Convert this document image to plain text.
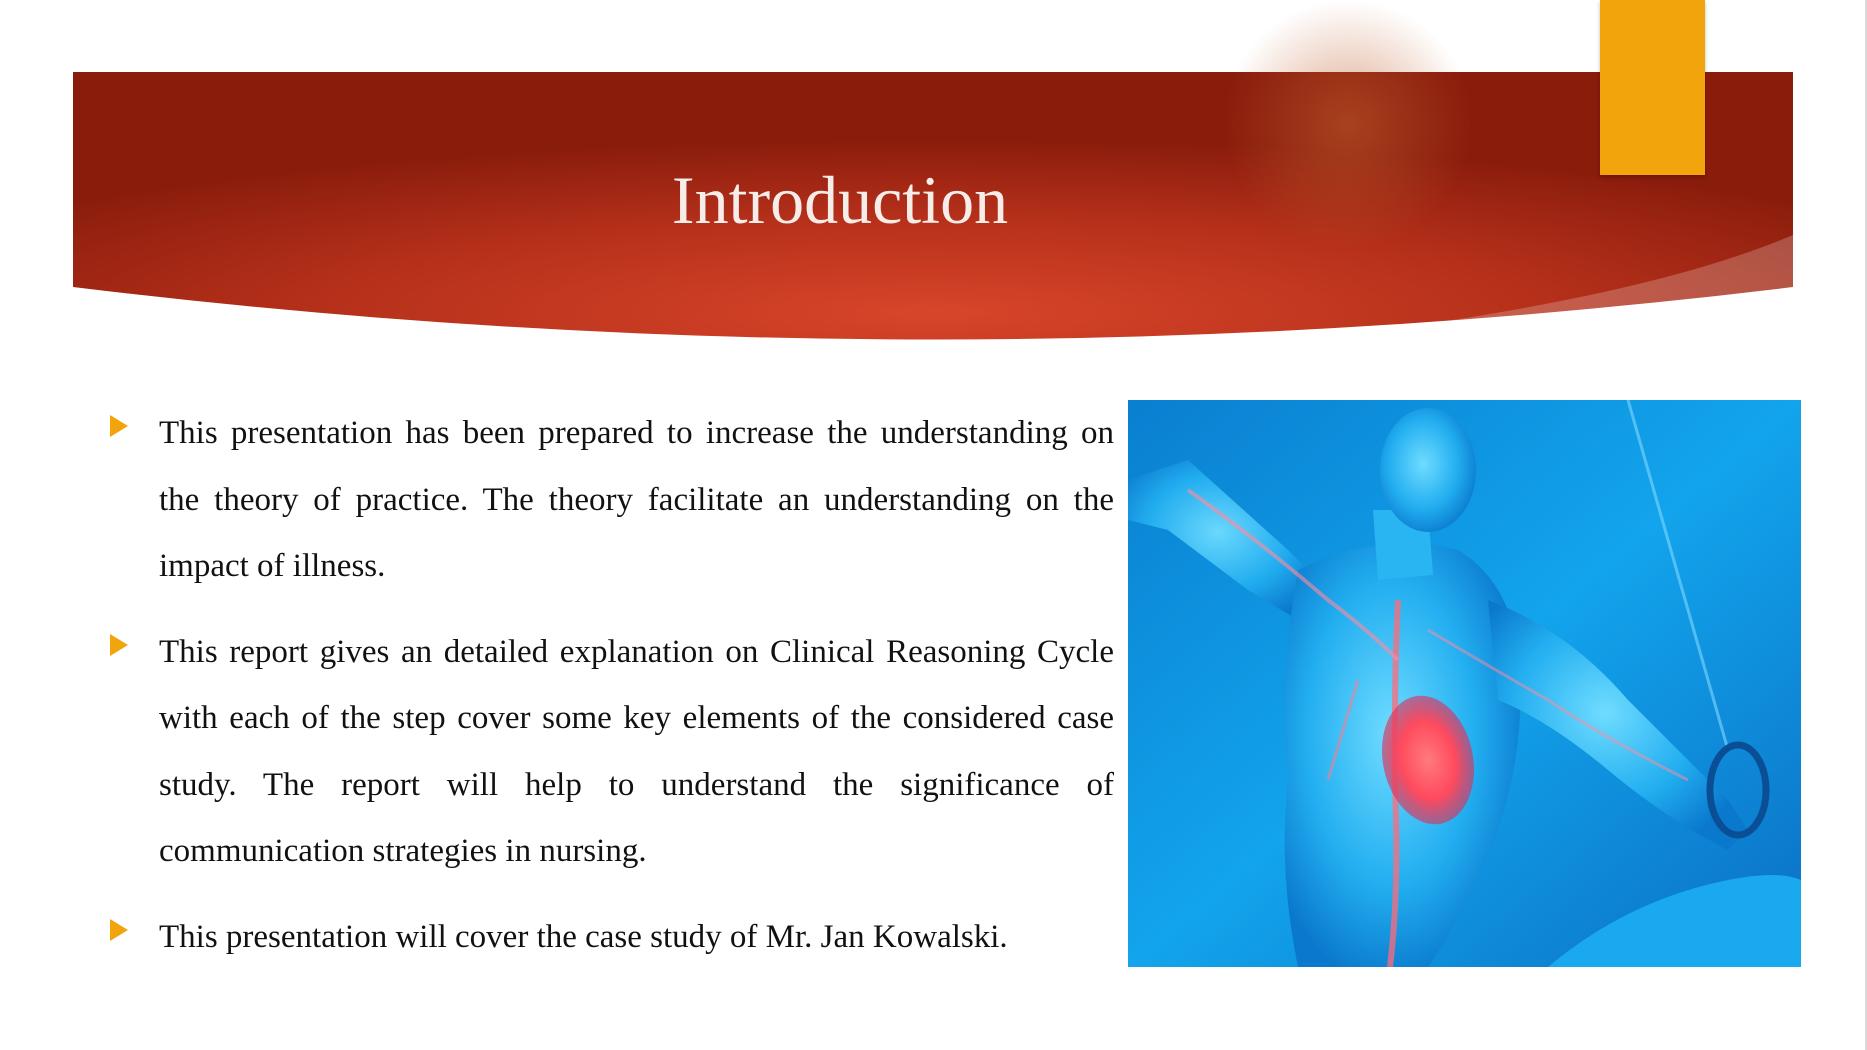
Introduction
This presentation has been prepared to increase the understanding on the theory of practice. The theory facilitate an understanding on the impact of illness.
This report gives an detailed explanation on Clinical Reasoning Cycle with each of the step cover some key elements of the considered case study. The report will help to understand the significance of communication strategies in nursing.
This presentation will cover the case study of Mr. Jan Kowalski.
